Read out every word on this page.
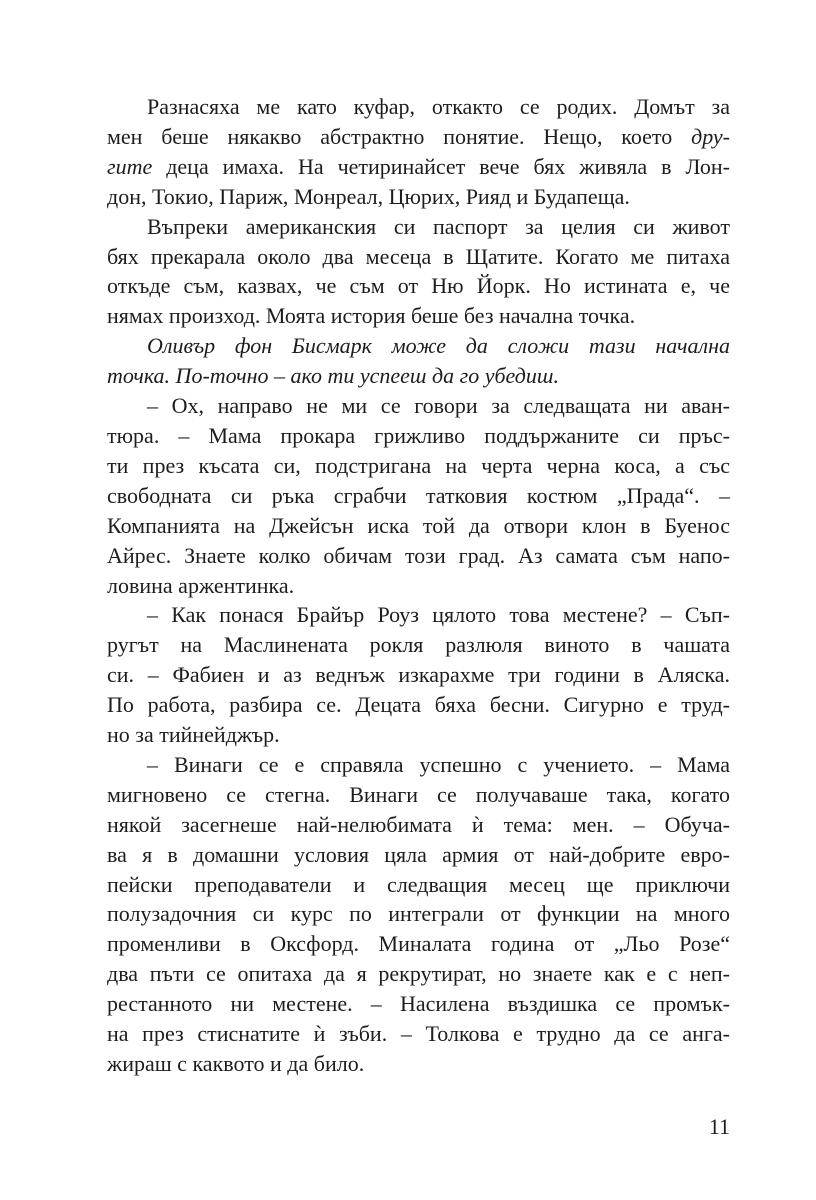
Разнасяха ме като куфар, откакто се родих. Домът за
мен беше някакво абстрактно понятие. Нещо, което дру-
гите деца имаха. На четиринайсет вече бях живяла в Лон-
дон, Токио, Париж, Монреал, Цюрих, Рияд и Будапеща.
Въпреки американския си паспорт за целия си живот
бях прекарала около два месеца в Щатите. Когато ме питаха
откъде съм, казвах, че съм от Ню Йорк. Но истината е, че
нямах произход. Моята история беше без начална точка.
Оливър фон Бисмарк може да сложи тази начална
точка. По-точно – ако ти успееш да го убедиш.
– Ох, направо не ми се говори за следващата ни аван-
тюра. – Мама прокара грижливо поддържаните си пръс-
ти през късата си, подстригана на черта черна коса, а със
свободната си ръка сграбчи татковия костюм „Прада“. –
Компанията на Джейсън иска той да отвори клон в Буенос
Айрес. Знаете колко обичам този град. Аз самата съм напо-
ловина аржентинка.
– Как понася Брайър Роуз цялото това местене? – Съп-
ругът на Маслинената рокля разлюля виното в чашата
си. – Фабиен и аз веднъж изкарахме три години в Аляска.
По работа, разбира се. Децата бяха бесни. Сигурно е труд-
но за тийнейджър.
– Винаги се е справяла успешно с учението. – Мама
мигновено се стегна. Винаги се получаваше така, когато
някой засегнеше най-нелюбимата ѝ тема: мен. – Обуча-
ва я в домашни условия цяла армия от най-добрите евро-
пейски преподаватели и следващия месец ще приключи
полузадочния си курс по интеграли от функции на много
променливи в Оксфорд. Миналата година от „Льо Розе“
два пъти се опитаха да я рекрутират, но знаете как е с неп-
рестанното ни местене. – Насилена въздишка се промък-
на през стиснатите ѝ зъби. – Толкова е трудно да се анга-
жираш с каквото и да било.
11
